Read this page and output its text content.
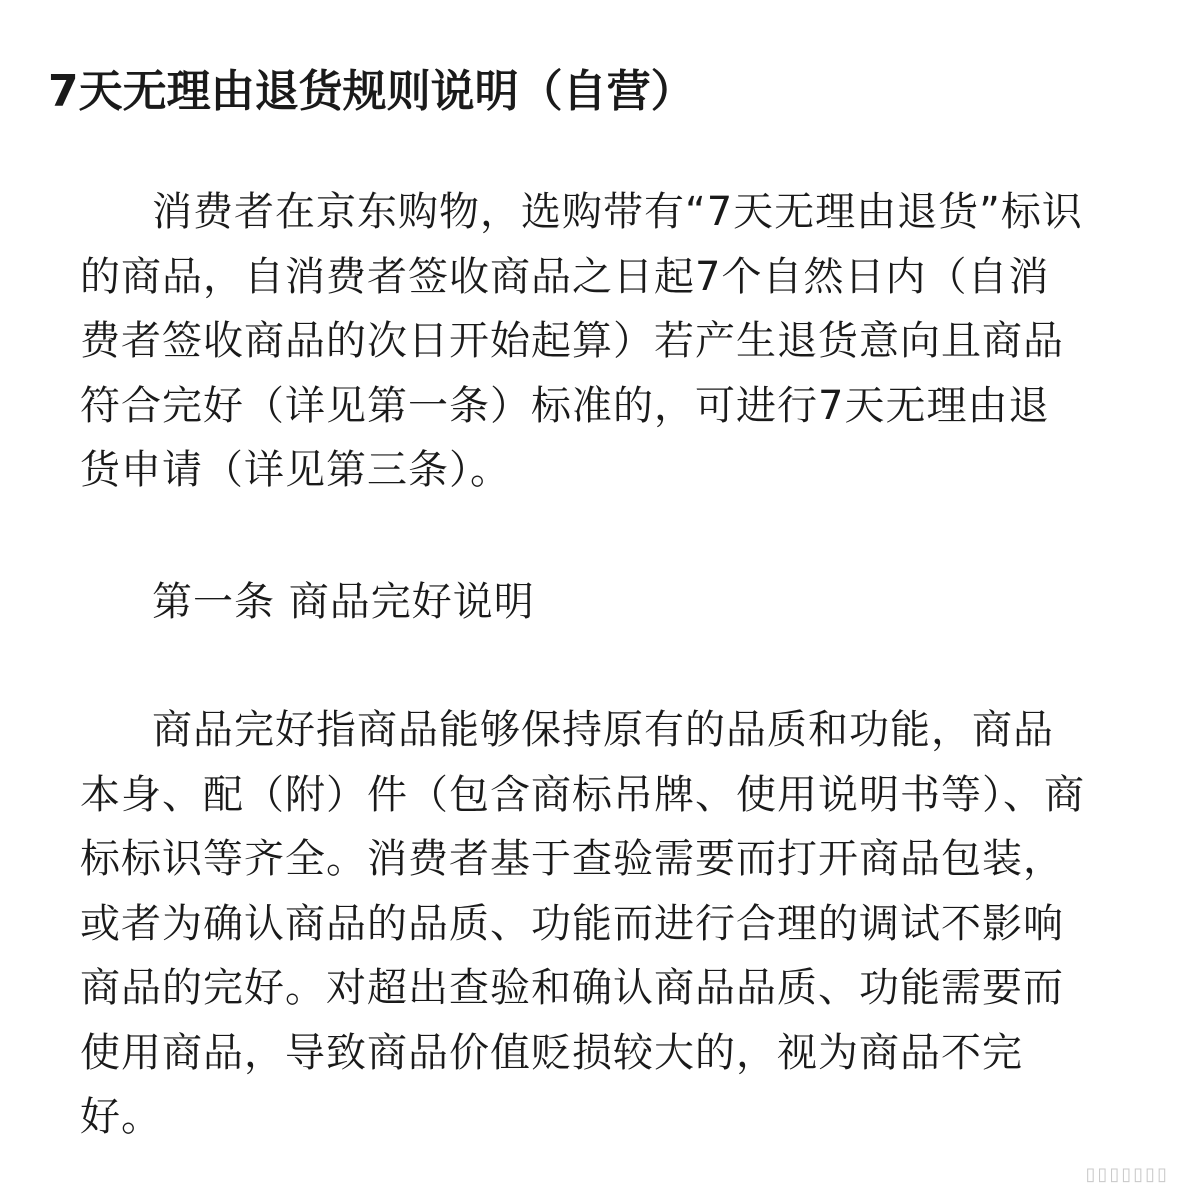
7天无理由退货规则说明（自营）
消费者在京东购物，选购带有“7天无理由退货”标识的商品，自消费者签收商品之日起7个自然日内（自消费者签收商品的次日开始起算）若产生退货意向且商品符合完好（详见第一条）标准的，可进行7天无理由退货申请（详见第三条）。
第一条 商品完好说明
商品完好指商品能够保持原有的品质和功能，商品本身、配（附）件（包含商标吊牌、使用说明书等）、商标标识等齐全。消费者基于查验需要而打开商品包装，或者为确认商品的品质、功能而进行合理的调试不影响商品的完好。对超出查验和确认商品品质、功能需要而使用商品，导致商品价值贬损较大的，视为商品不完好。
▯▯▯▯▯▯▯
